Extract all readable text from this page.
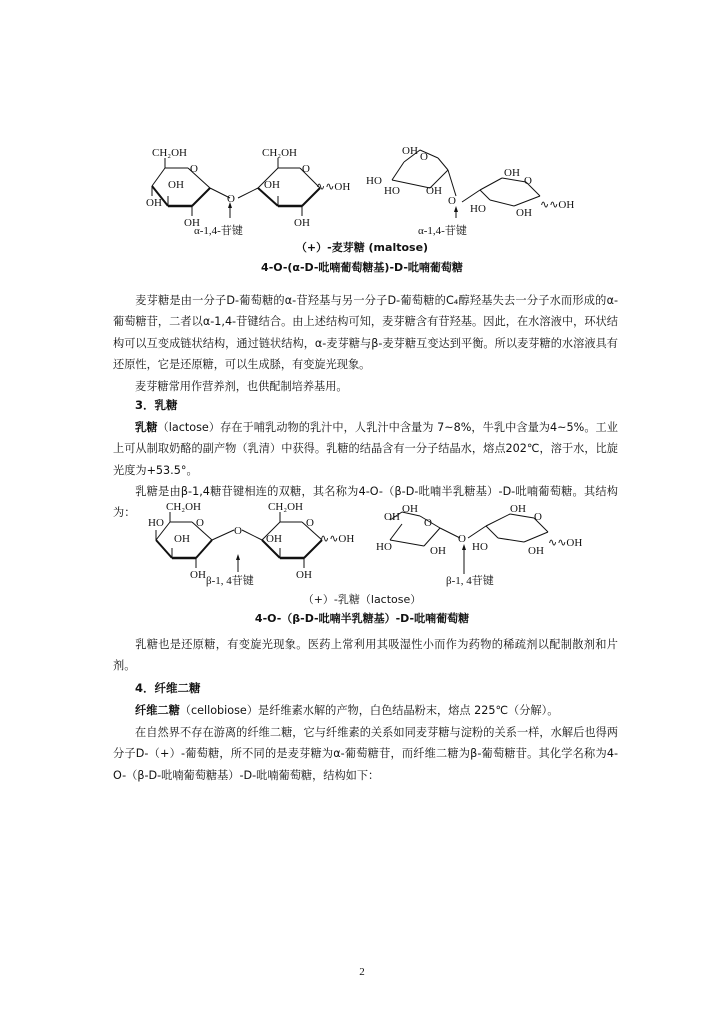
CH₂OH
O
OH
OH
OH
O
CH₂OH
O
OH	∿∿OH
OH
α-1,4-苷键
OH O
HO
HO OH
O
OH
O
HO	OH
∿∿OH
α-1,4-苷键
（+）-麦芽糖 (maltose)
4-O-(α-D-吡喃葡萄糖基)-D-吡喃葡萄糖
麦芽糖是由一分子D-葡萄糖的α-苷羟基与另一分子D-葡萄糖的C₄醇羟基失去一分子水而形成的α-葡萄糖苷，二者以α-1,4-苷键结合。由上述结构可知，麦芽糖含有苷羟基。因此，在水溶液中，环状结构可以互变成链状结构，通过链状结构，α-麦芽糖与β-麦芽糖互变达到平衡。所以麦芽糖的水溶液具有还原性，它是还原糖，可以生成脎，有变旋光现象。
麦芽糖常用作营养剂，也供配制培养基用。
3．乳糖
乳糖（lactose）存在于哺乳动物的乳汁中，人乳汁中含量为 7~8%，牛乳中含量为4~5%。工业上可从制取奶酪的副产物（乳清）中获得。乳糖的结晶含有一分子结晶水，熔点202℃，溶于水，比旋光度为+53.5°。
乳糖是由β-1,4糖苷键相连的双糖，其名称为4-O-（β-D-吡喃半乳糖基）-D-吡喃葡萄糖。其结构为：	CH₂OH
HO	O
OH
OH
O
CH₂OH
O
OH	∿∿OH
OH
β-1, 4苷键
OH
OH
O
HO	OH
O
OH
O
HO	OH
∿∿OH
β-1, 4苷键
（+）-乳糖（lactose）
4-O-（β-D-吡喃半乳糖基）-D-吡喃葡萄糖
乳糖也是还原糖，有变旋光现象。医药上常利用其吸湿性小而作为药物的稀疏剂以配制散剂和片剂。
4．纤维二糖
纤维二糖（cellobiose）是纤维素水解的产物，白色结晶粉末，熔点 225℃（分解）。
在自然界不存在游离的纤维二糖，它与纤维素的关系如同麦芽糖与淀粉的关系一样，水解后也得两分子D-（+）-葡萄糖，所不同的是麦芽糖为α-葡萄糖苷，而纤维二糖为β-葡萄糖苷。其化学名称为4-O-（β-D-吡喃葡萄糖基）-D-吡喃葡萄糖，结构如下：
2
